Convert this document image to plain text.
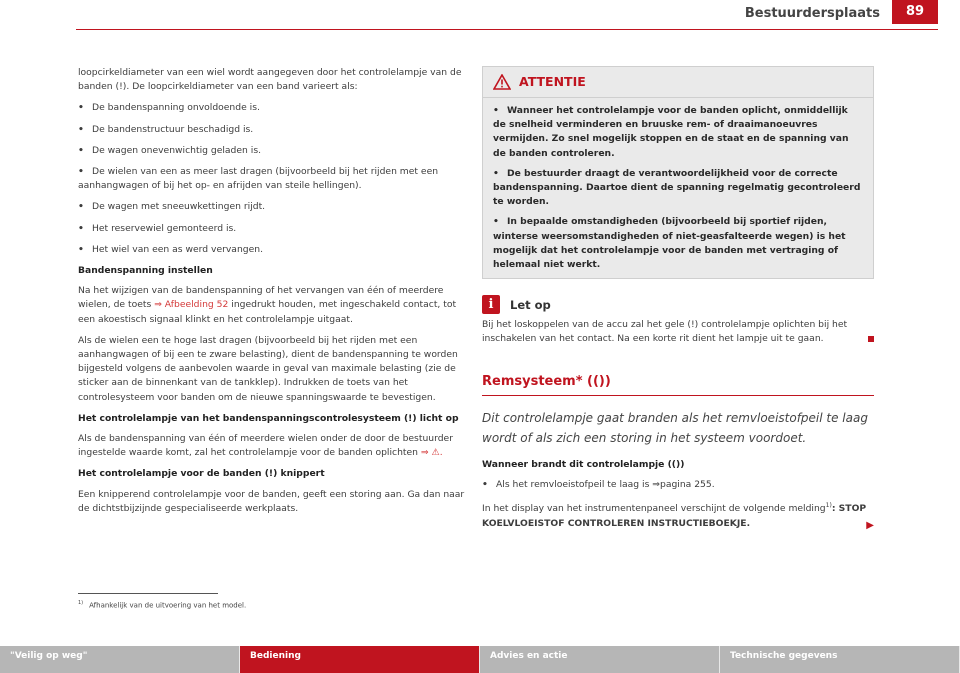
Bestuurdersplaats	89

loopcirkeldiameter van een wiel wordt aangegeven door het controlelampje van de banden (!). De loopcirkeldiameter van een band varieert als:

• De bandenspanning onvoldoende is.
• De bandenstructuur beschadigd is.
• De wagen onevenwichtig geladen is.
• De wielen van een as meer last dragen (bijvoorbeeld bij het rijden met een aanhangwagen of bij het op- en afrijden van steile hellingen).
• De wagen met sneeuwkettingen rijdt.
• Het reservewiel gemonteerd is.
• Het wiel van een as werd vervangen.
Bandenspanning instellen

Na het wijzigen van de bandenspanning of het vervangen van één of meerdere wielen, de toets ⇒ Afbeelding 52 ingedrukt houden, met ingeschakeld contact, tot een akoestisch signaal klinkt en het controlelampje uitgaat.

Als de wielen een te hoge last dragen (bijvoorbeeld bij het rijden met een aanhangwagen of bij een te zware belasting), dient de bandenspanning te worden bijgesteld volgens de aanbevolen waarde in geval van maximale belasting (zie de sticker aan de binnenkant van de tankklep). Indrukken de toets van het controlesysteem voor banden om de nieuwe spanningswaarde te bevestigen.

Het controlelampje van het bandenspanningscontrolesysteem (!) licht op

Als de bandenspanning van één of meerdere wielen onder de door de bestuurder ingestelde waarde komt, zal het controlelampje voor de banden oplichten ⇒ ⚠.

Het controlelampje voor de banden (!) knippert

Een knipperend controlelampje voor de banden, geeft een storing aan. Ga dan naar de dichtstbijzijnde gespecialiseerde werkplaats.

ATTENTIE
• Wanneer het controlelampje voor de banden oplicht, onmiddellijk de snelheid verminderen en bruuske rem- of draaimanoeuvres vermijden. Zo snel mogelijk stoppen en de staat en de spanning van de banden controleren.
• De bestuurder draagt de verantwoordelijkheid voor de correcte bandenspanning. Daartoe dient de spanning regelmatig gecontroleerd te worden.
• In bepaalde omstandigheden (bijvoorbeeld bij sportief rijden, winterse weersomstandigheden of niet-geasfalteerde wegen) is het mogelijk dat het controlelampje voor de banden met vertraging of helemaal niet werkt.
i	Let op

Bij het loskoppelen van de accu zal het gele (!) controlelampje oplichten bij het inschakelen van het contact. Na een korte rit dient het lampje uit te gaan.

Remsysteem* (())
Dit controlelampje gaat branden als het remvloeistofpeil te laag wordt of als zich een storing in het systeem voordoet.
Wanneer brandt dit controlelampje (())
• Als het remvloeistofpeil te laag is ⇒pagina 255.

In het display van het instrumentenpaneel verschijnt de volgende melding$^{1)}$: STOP KOELVLOEISTOF CONTROLEREN INSTRUCTIEBOEKJE.	▶

$^{1)}$ Afhankelijk van de uitvoering van het model.
"Veilig op weg"	Bediening	Advies en actie	Technische gegevens
